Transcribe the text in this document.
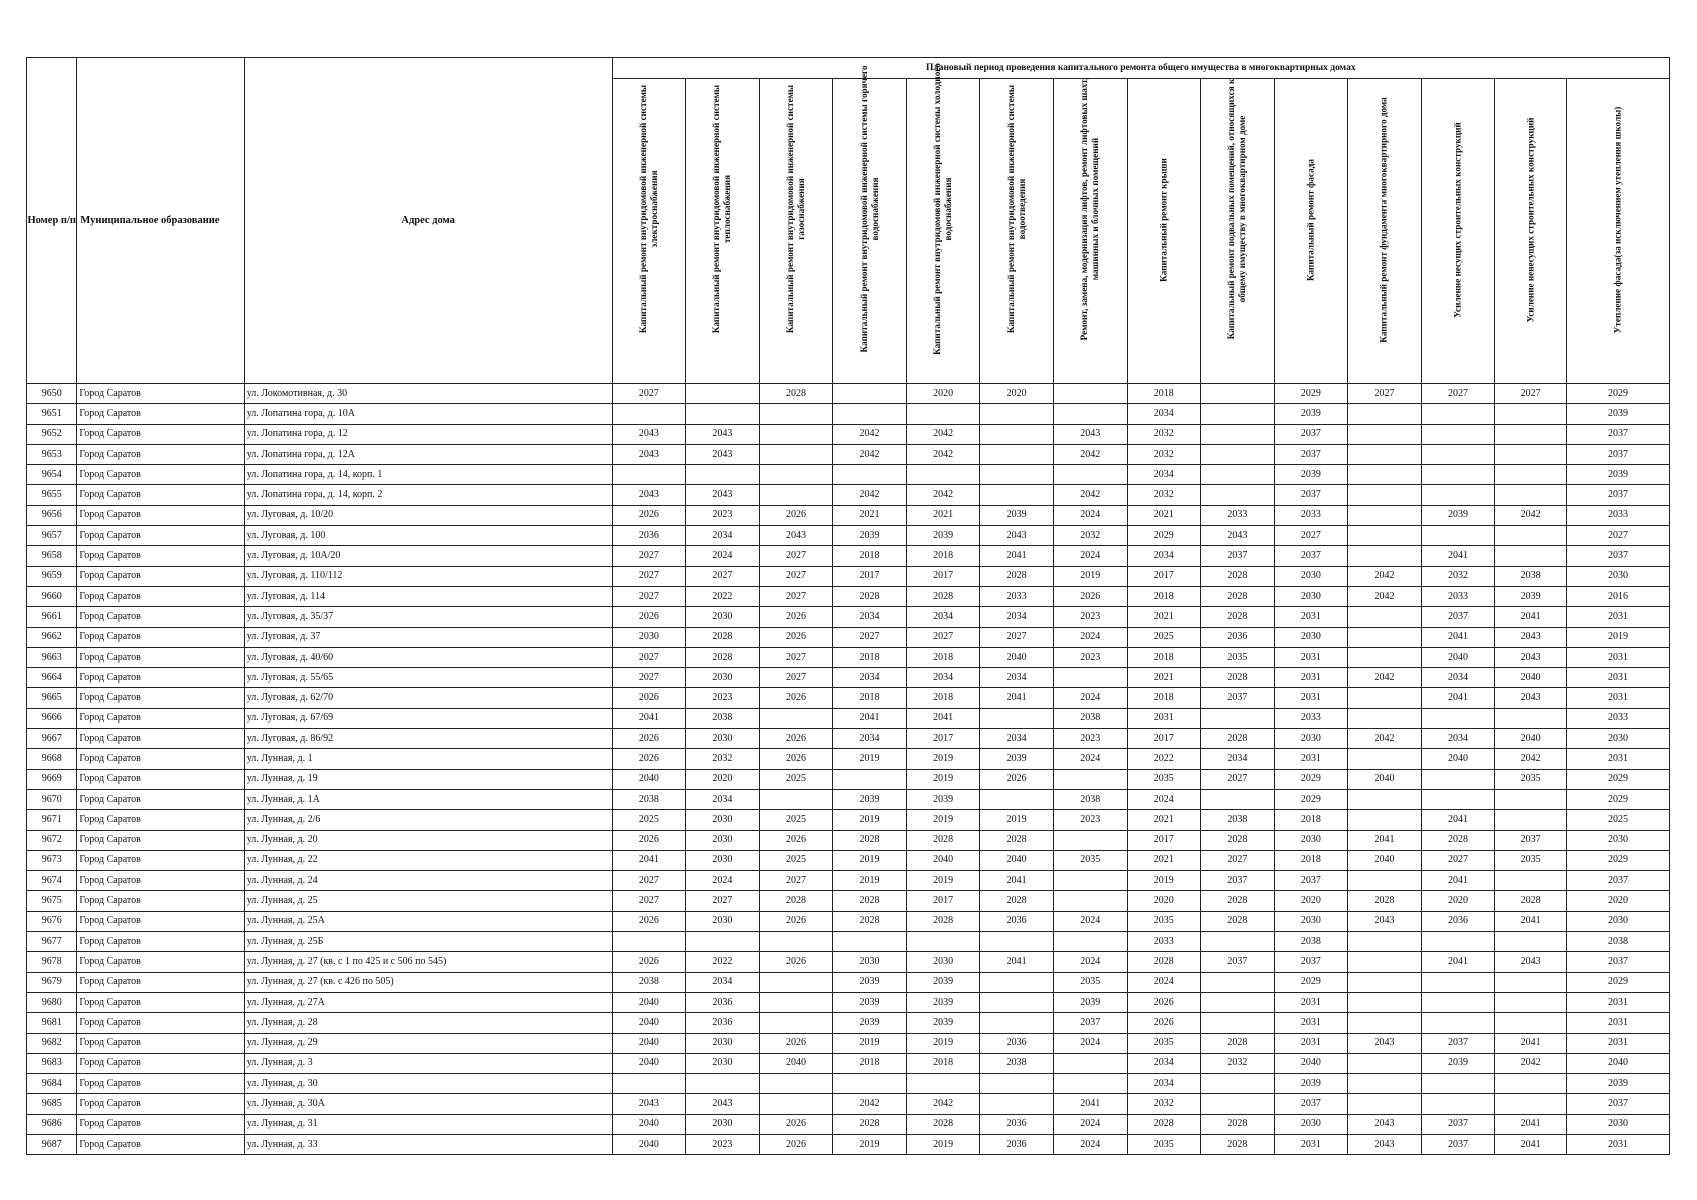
Номер п/п	Муниципальное образование	Адрес дома	Плановый период проведения капитального ремонта общего имущества в многоквартирных домах													

			Капитальный ремонт внутридомовой инженерной системы электроснабжения	Капитальный ремонт внутридомовой инженерной системы теплоснабжения	Капитальный ремонт внутридомовой инженерной системы газоснабжения	Капитальный ремонт внутридомовой инженерной системы горячего водоснабжения	Капитальный ремонт внутридомовой инженерной системы холодного водоснабжения	Капитальный ремонт внутридомовой инженерной системы водоотведения	Ремонт, замена, модернизация лифтов, ремонт лифтовых шахт, машинных и блочных помещений	Капитальный ремонт крыши	Капитальный ремонт подвальных помещений, относящихся к общему имуществу в многоквартирном доме	Капитальный ремонт фасада	Капитальный ремонт фундамента многоквартирного дома	Усиление несущих строительных конструкций	Усиление ненесущих строительных конструкций	Утепление фасада(за исключением утепления школы)

9650	Город Саратов	ул. Локомотивная, д. 30	2027		2028		2020	2020		2018		2029	2027	2027	2027	2029
9651	Город Саратов	ул. Лопатина гора, д. 10А								2034		2039				2039
9652	Город Саратов	ул. Лопатина гора, д. 12	2043	2043		2042	2042		2043	2032		2037				2037
9653	Город Саратов	ул. Лопатина гора, д. 12А	2043	2043		2042	2042		2042	2032		2037				2037
9654	Город Саратов	ул. Лопатина гора, д. 14, корп. 1								2034		2039				2039
9655	Город Саратов	ул. Лопатина гора, д. 14, корп. 2	2043	2043		2042	2042		2042	2032		2037				2037
9656	Город Саратов	ул. Луговая, д. 10/20	2026	2023	2026	2021	2021	2039	2024	2021	2033	2033		2039	2042	2033
9657	Город Саратов	ул. Луговая, д. 100	2036	2034	2043	2039	2039	2043	2032	2029	2043	2027				2027
9658	Город Саратов	ул. Луговая, д. 10А/20	2027	2024	2027	2018	2018	2041	2024	2034	2037	2037		2041		2037
9659	Город Саратов	ул. Луговая, д. 110/112	2027	2027	2027	2017	2017	2028	2019	2017	2028	2030	2042	2032	2038	2030
9660	Город Саратов	ул. Луговая, д. 114	2027	2022	2027	2028	2028	2033	2026	2018	2028	2030	2042	2033	2039	2016
9661	Город Саратов	ул. Луговая, д. 35/37	2026	2030	2026	2034	2034	2034	2023	2021	2028	2031		2037	2041	2031
9662	Город Саратов	ул. Луговая, д. 37	2030	2028	2026	2027	2027	2027	2024	2025	2036	2030		2041	2043	2019
9663	Город Саратов	ул. Луговая, д. 40/60	2027	2028	2027	2018	2018	2040	2023	2018	2035	2031		2040	2043	2031
9664	Город Саратов	ул. Луговая, д. 55/65	2027	2030	2027	2034	2034	2034		2021	2028	2031	2042	2034	2040	2031
9665	Город Саратов	ул. Луговая, д. 62/70	2026	2023	2026	2018	2018	2041	2024	2018	2037	2031		2041	2043	2031
9666	Город Саратов	ул. Луговая, д. 67/69	2041	2038		2041	2041		2038	2031		2033				2033
9667	Город Саратов	ул. Луговая, д. 86/92	2026	2030	2026	2034	2017	2034	2023	2017	2028	2030	2042	2034	2040	2030
9668	Город Саратов	ул. Лунная, д. 1	2026	2032	2026	2019	2019	2039	2024	2022	2034	2031		2040	2042	2031
9669	Город Саратов	ул. Лунная, д. 19	2040	2020	2025		2019	2026		2035	2027	2029	2040		2035	2029
9670	Город Саратов	ул. Лунная, д. 1А	2038	2034		2039	2039		2038	2024		2029				2029
9671	Город Саратов	ул. Лунная, д. 2/6	2025	2030	2025	2019	2019	2019	2023	2021	2038	2018		2041		2025
9672	Город Саратов	ул. Лунная, д. 20	2026	2030	2026	2028	2028	2028		2017	2028	2030	2041	2028	2037	2030
9673	Город Саратов	ул. Лунная, д. 22	2041	2030	2025	2019	2040	2040	2035	2021	2027	2018	2040	2027	2035	2029
9674	Город Саратов	ул. Лунная, д. 24	2027	2024	2027	2019	2019	2041		2019	2037	2037		2041		2037
9675	Город Саратов	ул. Лунная, д. 25	2027	2027	2028	2028	2017	2028		2020	2028	2020	2028	2020	2028	2020
9676	Город Саратов	ул. Лунная, д. 25А	2026	2030	2026	2028	2028	2036	2024	2035	2028	2030	2043	2036	2041	2030
9677	Город Саратов	ул. Лунная, д. 25Б								2033		2038				2038
9678	Город Саратов	ул. Лунная, д. 27 (кв. с 1 по 425 и с 506 по 545)	2026	2022	2026	2030	2030	2041	2024	2028	2037	2037		2041	2043	2037
9679	Город Саратов	ул. Лунная, д. 27 (кв. с 426 по 505)	2038	2034		2039	2039		2035	2024		2029				2029
9680	Город Саратов	ул. Лунная, д. 27А	2040	2036		2039	2039		2039	2026		2031				2031
9681	Город Саратов	ул. Лунная, д. 28	2040	2036		2039	2039		2037	2026		2031				2031
9682	Город Саратов	ул. Лунная, д. 29	2040	2030	2026	2019	2019	2036	2024	2035	2028	2031	2043	2037	2041	2031
9683	Город Саратов	ул. Лунная, д. 3	2040	2030	2040	2018	2018	2038		2034	2032	2040		2039	2042	2040
9684	Город Саратов	ул. Лунная, д. 30								2034		2039				2039
9685	Город Саратов	ул. Лунная, д. 30А	2043	2043		2042	2042		2041	2032		2037				2037
9686	Город Саратов	ул. Лунная, д. 31	2040	2030	2026	2028	2028	2036	2024	2028	2028	2030	2043	2037	2041	2030
9687	Город Саратов	ул. Лунная, д. 33	2040	2023	2026	2019	2019	2036	2024	2035	2028	2031	2043	2037	2041	2031
